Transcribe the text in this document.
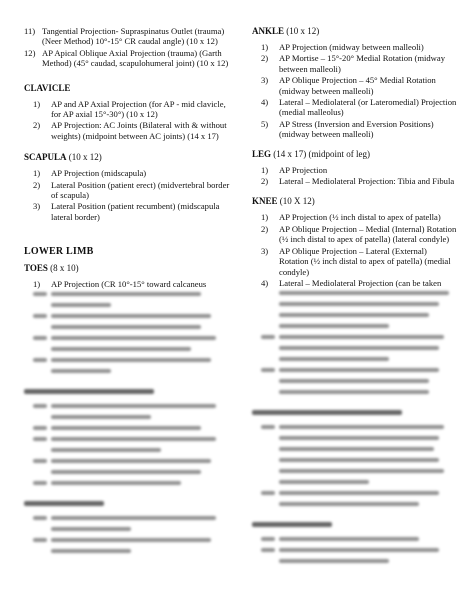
11) Tangential Projection- Supraspinatus Outlet (trauma) (Neer Method) 10°-15° CR caudal angle) (10 x 12)
12) AP Apical Oblique Axial Projection (trauma) (Garth Method) (45° caudad, scapulohumeral joint) (10 x 12)
CLAVICLE
1) AP and AP Axial Projection (for AP - mid clavicle, for AP axial 15°-30°) (10 x 12)
2) AP Projection: AC Joints (Bilateral with & without weights) (midpoint between AC joints) (14 x 17)
SCAPULA (10 x 12)
1) AP Projection (midscapula)
2) Lateral Position (patient erect) (midvertebral border of scapula)
3) Lateral Position (patient recumbent) (midscapula lateral border)
LOWER LIMB
TOES (8 x 10)
1) AP Projection (CR 10°-15° toward calcaneus
ANKLE (10 x 12)
1) AP Projection (midway between malleoli)
2) AP Mortise – 15°-20° Medial Rotation (midway between malleoli)
3) AP Oblique Projection – 45° Medial Rotation (midway between malleoli)
4) Lateral – Mediolateral (or Lateromedial) Projection (medial malleolus)
5) AP Stress (Inversion and Eversion Positions) (midway between malleoli)
LEG (14 x 17) (midpoint of leg)
1) AP Projection
2) Lateral – Mediolateral Projection: Tibia and Fibula
KNEE (10 X 12)
1) AP Projection (½ inch distal to apex of patella)
2) AP Oblique Projection – Medial (Internal) Rotation (½ inch distal to apex of patella) (lateral condyle)
3) AP Oblique Projection – Lateral (External) Rotation (½ inch distal to apex of patella) (medial condyle)
4) Lateral – Mediolateral Projection (can be taken
